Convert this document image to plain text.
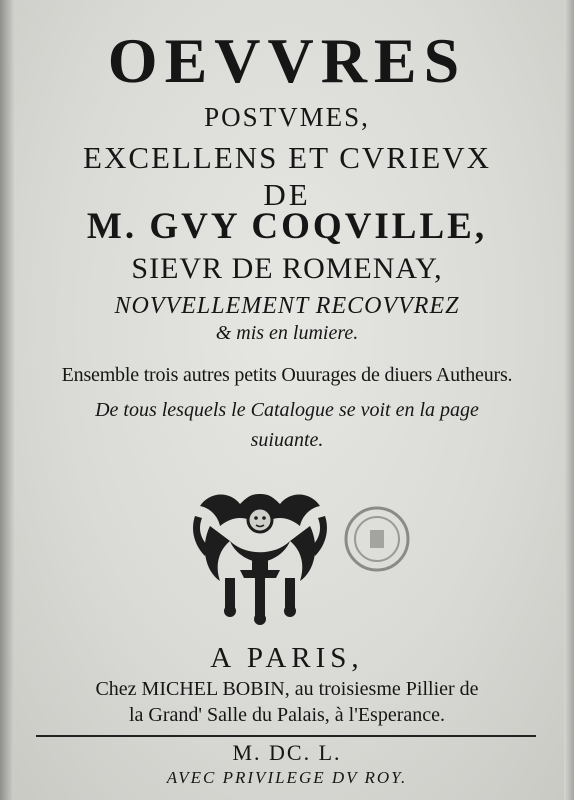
OEVVRES
POSTVMES,
EXCELLENS ET CVRIEVX
DE
M. GVY COQVILLE,
SIEVR DE ROMENAY,
NOVVELLEMENT RECOVVREZ
& mis en lumiere.
Ensemble trois autres petits Ouurages de diuers Autheurs.
De tous lesquels le Catalogue se voit en la page
suiuante.
A PARIS,
Chez MICHEL BOBIN, au troisiesme Pillier de
la Grand' Salle du Palais, à l'Esperance.
M. DC. L.
AVEC PRIVILEGE DV ROY.
